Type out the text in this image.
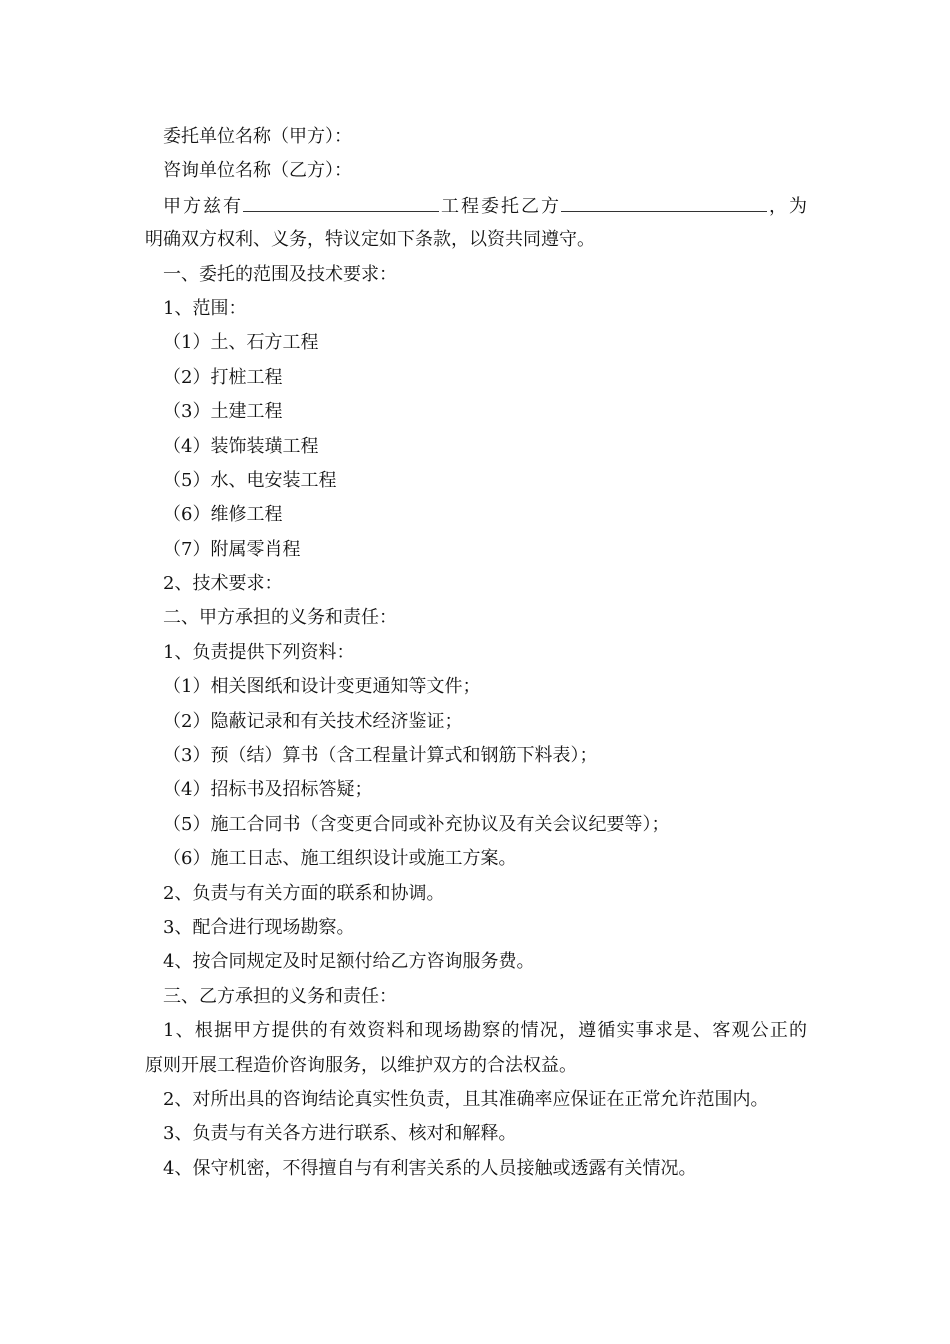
委托单位名称（甲方）：

咨询单位名称（乙方）：

甲方兹有	工程委托乙方	，为

明确双方权利、义务，特议定如下条款，以资共同遵守。

一、委托的范围及技术要求：

1、范围：

（1）土、石方工程

（2）打桩工程

（3）土建工程

（4）装饰装璜工程

（5）水、电安装工程

（6）维修工程

（7）附属零肖程

2、技术要求：

二、甲方承担的义务和责任：

1、负责提供下列资料：

（1）相关图纸和设计变更通知等文件；

（2）隐蔽记录和有关技术经济鉴证；

（3）预（结）算书（含工程量计算式和钢筋下料表）；

（4）招标书及招标答疑；

（5）施工合同书（含变更合同或补充协议及有关会议纪要等）；

（6）施工日志、施工组织设计或施工方案。

2、负责与有关方面的联系和协调。

3、配合进行现场勘察。

4、按合同规定及时足额付给乙方咨询服务费。

三、乙方承担的义务和责任：

1、根据甲方提供的有效资料和现场勘察的情况，遵循实事求是、客观公正的

原则开展工程造价咨询服务，以维护双方的合法权益。

2、对所出具的咨询结论真实性负责，且其准确率应保证在正常允许范围内。

3、负责与有关各方进行联系、核对和解释。

4、保守机密，不得擅自与有利害关系的人员接触或透露有关情况。
